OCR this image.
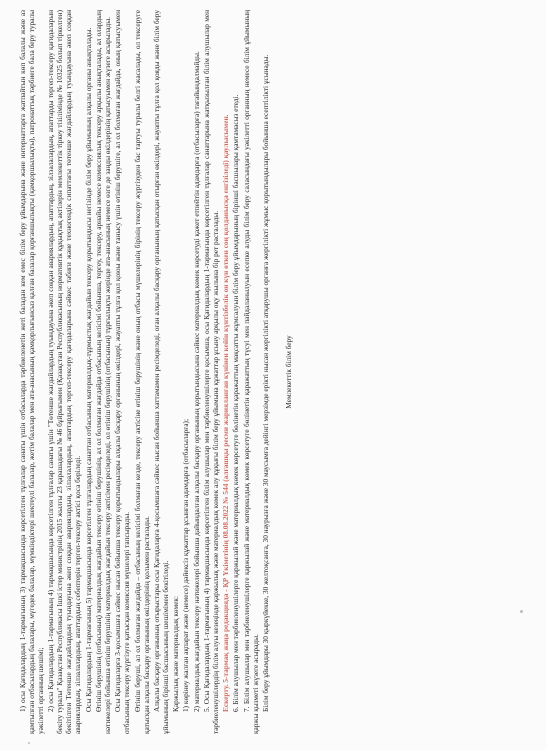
1) осы Қағидалардың 1-тармағының 3) тармақшасында көрсетілген тұлғалар санаты үшін отбасыларда тәрбиеленетін жеті баладан кем емес білім беру ұйымдарына және интернаттарға жатпайтын көп балалы және аз қамтылған отбасылардың балалары, мүгедек балалар, мүмкіндіктері шектеулі балалар, жетім балалар мен ата-анасының қамқорлығынсыз қалған балалар қорғаншылықты (қамқоршылықты), патронаттық тәрбиеге бала беру туралы уәкілетті органның шешімі; 2) осы Қағидалардың 1-тармағының 4) тармақшасында көрсетілген тұлғалар санаты үшін "Төтенше жағдайлардың туындауына әкеп соққан авариялардың, апаттардың, зілзалалардың, апаттарды тергеп-тексеру қағидаларын бекіту туралы" Қазақстан Республикасы Ішкі істер министрінің 2015 жылғы 23 қарашадағы № 46 бұйрығымен (Қазақстан Республикасының нормативтік құқықтық актілерін мемлекеттік тіркеу тізілімінде № 10325 болып тіркелген) бекітілген Төтенше жағдайлардың туындауына әкеп соққан авариялардың, зілзалалардың, апаттардың тергеп-тексеру қағидаларына сәйкес табиғи және техногендік сипаттағы төтенше жағдайлардың туындауына әкеп соққан авариялардың, зілзалалардың, апаттардың себептерін тергеп-тексеру актісі қоса беріледі. Осы Қағидалардың 1-тармағының 5) тармақшасында көрсетілген тұлғалардың санаттан отбасының материалдық-тұрмыстық жағдайын тексеру қорытындысы негізінде білім беру ұйымының алқалы органы анықталады. Өтініш берушінің (отбасының) материалдық жағдайын тексеру өтініш берушінің, ал ол болмаған жағдайда отбасының келісімі бойынша, тергеу, тексеру, арнайы немесе комиссиялық тексеру арқылы анықталады, ал олардың нәтижелері бойынша өтініш берушінің материалдық жағдайын тексеру актісімен ресімделеді, ол өтініш берушінің (отбасының) тұрғылықты жерінде ата-анасының немесе өзге де заңды өкілдерінің қатысуымен жүзеге асырылады. Осы Қағидаларға 3-қосымшаға сәйкес нысан бойынша тексеру қорытындылары алқалы басқару органының өкілдері, жауапты тұлға қол қоюы және танысу үшін өтініш берушіге, ал ол болмаған жағдайда, оның қатысуымен отбасының тексеру жүргізуге қатысқан комиссия мүшелері тапсырады. Өтініш беруші, ал ол болмаған жағдайда – отбасының келісімі болмаған кезде, тексеру актісіне өтініш берушінің және оның отбасы мүшелерінің бірінің тексеру жүргізуден бас тартуы туралы белгі жасалады, ол тексеруге қатысқан алқалы басқару органының өкілдерінің қолымен расталады. Алқалы басқару органының отырыстары осы Қағидаларға 4-қосымшаға сәйкес нысан бойынша хаттамамен ресімделеді, оған алқалы басқару органының қатысқан отырған өкілдері, жауапты тұлға қол қояды және білім беру ұйымының бірінші басшысының шешімімен бекітіледі. Қаржылық және материалдық көмек: 1) көрінеу жалған ақпарат және (немесе) дәйексіз құжаттар ұсынған адамдарға (отбасыларға); 2) материалдық жағдайын тексеру нәтижелері бойынша дайындалған алқалы басқару органының қорытындысына сәйкес материалдық көмек көрсетуді қажет етпейтін адамдарға (отбасыларға) тағайындалмайды. 5. Осы Қағидалардың 1-тармағының 4) тармақшасында көрсетілген білім алушылар мен тәрбиеленушілерге қосымша, осы Қағидалардың 1-тармағында көрсетілген тұлғалар санаттарына жатқызылған білім алушылар мен тәрбиеленушілердің білім алуы кезеңінде қаржылық және материалдық көмек алу құқығы білім беру ұйымына құжаттар ұсыну арқылы оқу жылына бір рет расталады. Ескерту. 5-тармақ жаңа редакцияда - ҚР Үкіметінің 08.08.2022 № 544 (алғашқы ресми жарияланған күнінен кейін күнтізбелік он күн өткен соң қолданысқа енгізіледі) қаулысымен. 6. Білім алушылар мен тәрбиеленушілерге қаржылай және материалдық көмек көрсетуге бөлінетін қаражаттың мақсатты жұмсалуын білім беру ұйымдарының бірінші басшылары қамтамасыз етеді. 7. Білім алушылар мен тәрбиеленушілерге қаржылай және материалдық көмек көрсетуге бөлінетін қаражаттың түсуі мен пайдаланылуын есепке алуды білім беру саласындағы уәкілетті органның немесе білім ұйымының қаржы қызметі жүзеге асырады. Білім беру ұйымдары 30 қыркүйекке, 30 желтоқсанға, 30 наурызға және 30 маусымға дейінгі мерзімде ерікті нысан жергілікті атқарушы органға жергілікті жұмыс қорытындылары бойынша есептілікті ұсынады. Мемлекеттік білім беру
